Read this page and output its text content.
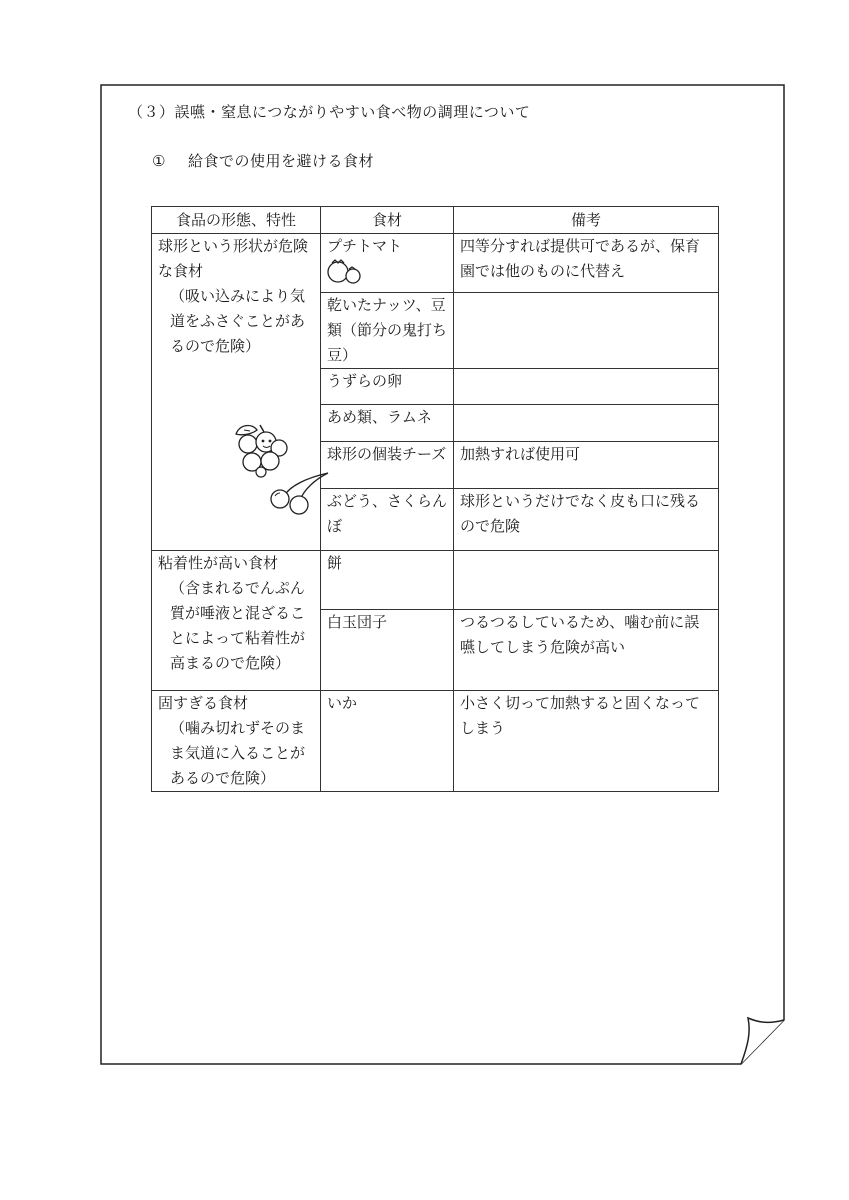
（３）誤嚥・窒息につながりやすい食べ物の調理について
① 給食での使用を避ける食材
食品の形態、特性	食材	備考

球形という形状が危険な食材
（吸い込みにより気道をふさぐことがあるので危険）	プチトマト	四等分すれば提供可であるが、保育園では他のものに代替え
	乾いたナッツ、豆類（節分の鬼打ち豆）	
	うずらの卵	
	あめ類、ラムネ	
	球形の個装チーズ	加熱すれば使用可
	ぶどう、さくらんぼ	球形というだけでなく皮も口に残るので危険

粘着性が高い食材
（含まれるでんぷん質が唾液と混ざることによって粘着性が高まるので危険）	餅	
	白玉団子	つるつるしているため、噛む前に誤嚥してしまう危険が高い

固すぎる食材
（噛み切れずそのまま気道に入ることがあるので危険）	いか	小さく切って加熱すると固くなってしまう
